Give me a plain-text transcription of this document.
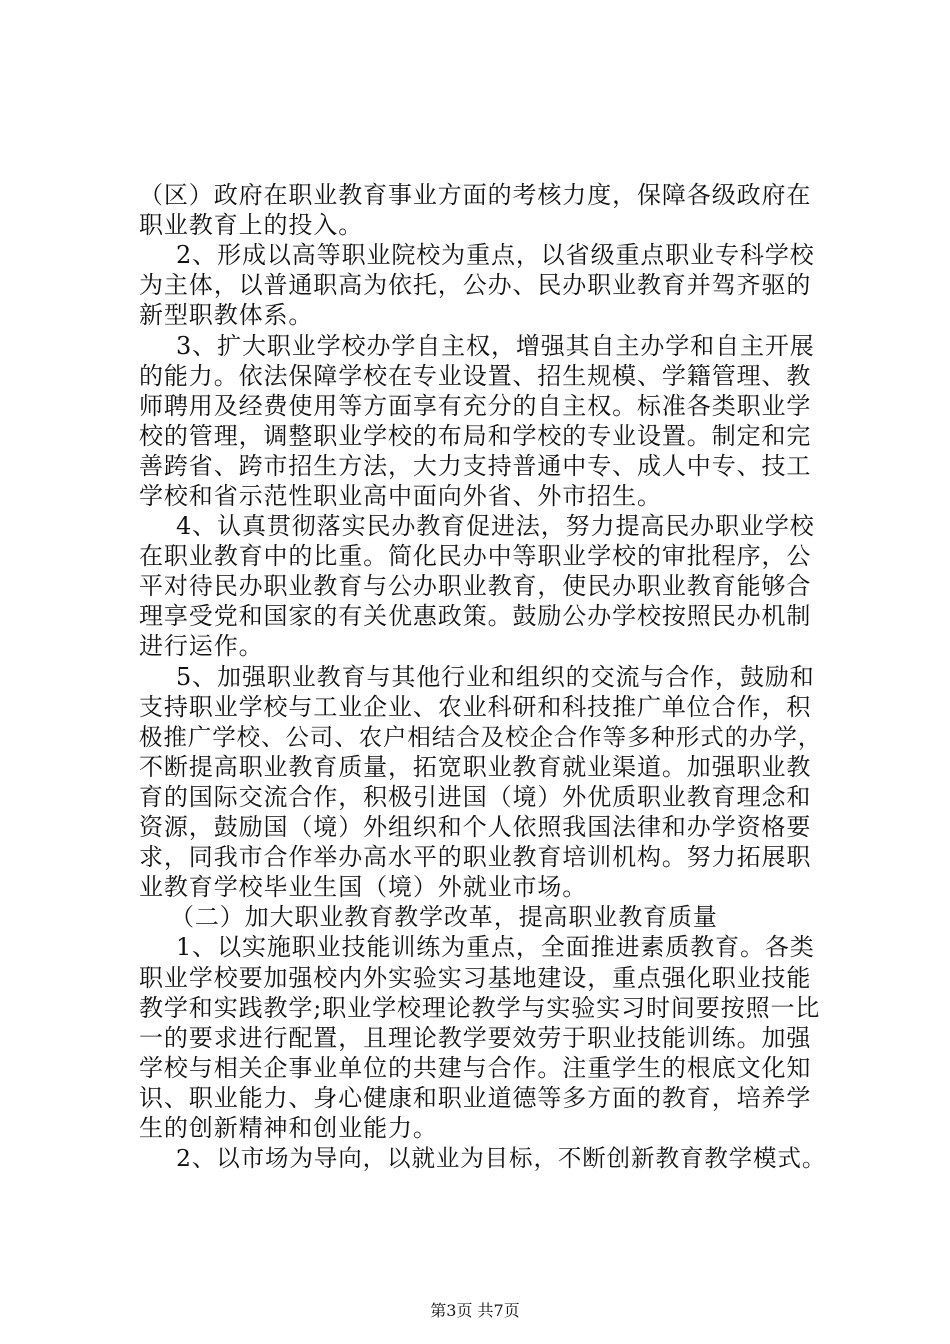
（区）政府在职业教育事业方面的考核力度，保障各级政府在
职业教育上的投入。
2、形成以高等职业院校为重点，以省级重点职业专科学校
为主体，以普通职高为依托，公办、民办职业教育并驾齐驱的
新型职教体系。
3、扩大职业学校办学自主权，增强其自主办学和自主开展
的能力。依法保障学校在专业设置、招生规模、学籍管理、教
师聘用及经费使用等方面享有充分的自主权。标准各类职业学
校的管理，调整职业学校的布局和学校的专业设置。制定和完
善跨省、跨市招生方法，大力支持普通中专、成人中专、技工
学校和省示范性职业高中面向外省、外市招生。
4、认真贯彻落实民办教育促进法，努力提高民办职业学校
在职业教育中的比重。简化民办中等职业学校的审批程序，公
平对待民办职业教育与公办职业教育，使民办职业教育能够合
理享受党和国家的有关优惠政策。鼓励公办学校按照民办机制
进行运作。
5、加强职业教育与其他行业和组织的交流与合作，鼓励和
支持职业学校与工业企业、农业科研和科技推广单位合作，积
极推广学校、公司、农户相结合及校企合作等多种形式的办学，
不断提高职业教育质量，拓宽职业教育就业渠道。加强职业教
育的国际交流合作，积极引进国（境）外优质职业教育理念和
资源，鼓励国（境）外组织和个人依照我国法律和办学资格要
求，同我市合作举办高水平的职业教育培训机构。努力拓展职
业教育学校毕业生国（境）外就业市场。
（二）加大职业教育教学改革，提高职业教育质量
1、以实施职业技能训练为重点，全面推进素质教育。各类
职业学校要加强校内外实验实习基地建设，重点强化职业技能
教学和实践教学;职业学校理论教学与实验实习时间要按照一比
一的要求进行配置，且理论教学要效劳于职业技能训练。加强
学校与相关企事业单位的共建与合作。注重学生的根底文化知
识、职业能力、身心健康和职业道德等多方面的教育，培养学
生的创新精神和创业能力。
2、以市场为导向，以就业为目标，不断创新教育教学模式。
第3页 共7页
